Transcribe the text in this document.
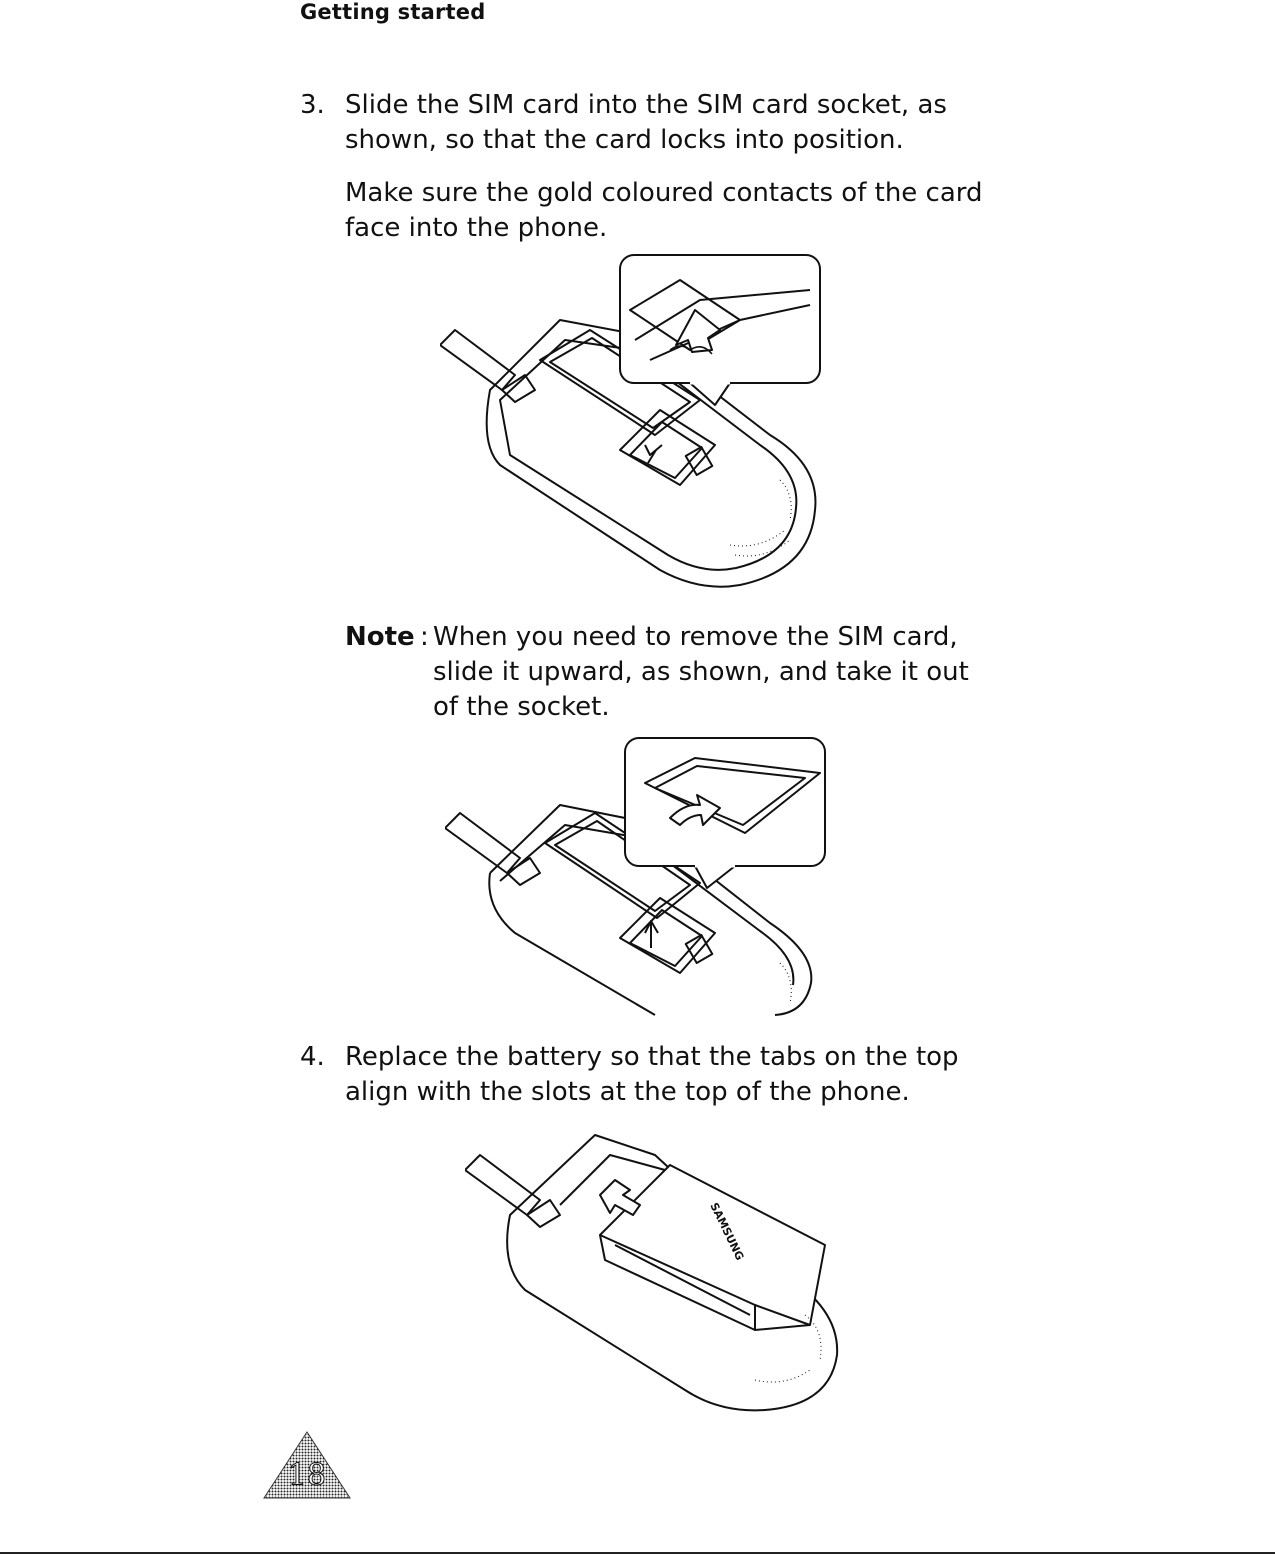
Getting started
3. Slide the SIM card into the SIM card socket, as shown, so that the card locks into position.
Make sure the gold coloured contacts of the card face into the phone.
Note : When you need to remove the SIM card, slide it upward, as shown, and take it out of the socket.
4. Replace the battery so that the tabs on the top align with the slots at the top of the phone.
SAMSUNG
18
